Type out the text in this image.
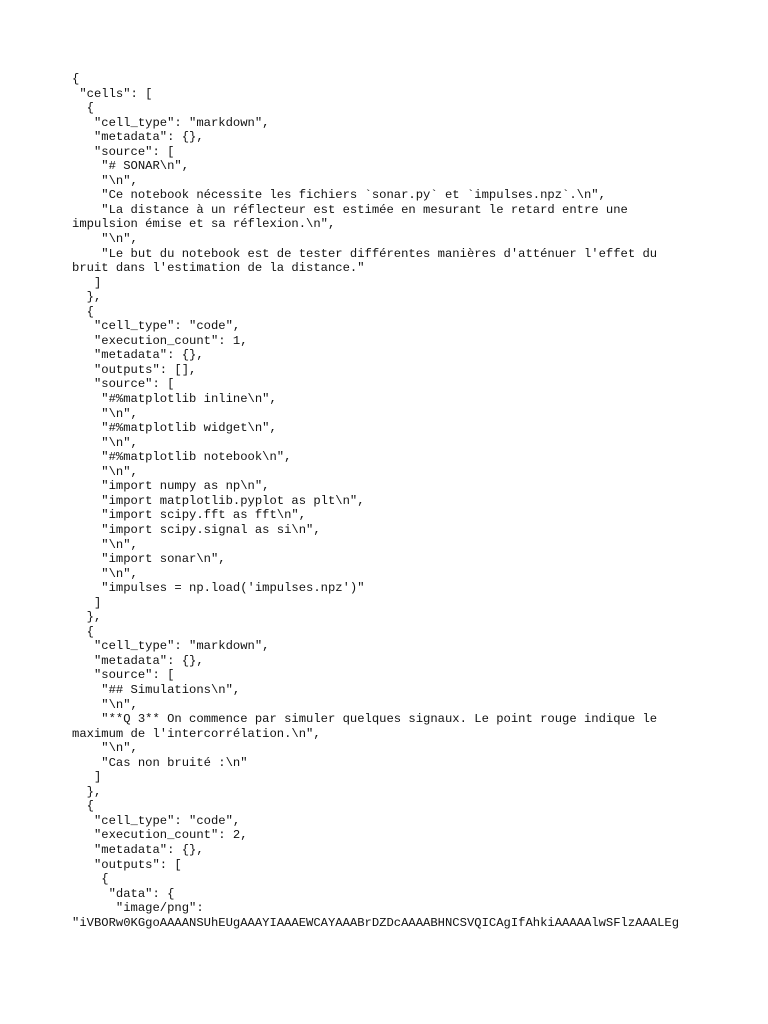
{
"cells": [
{
"cell_type": "markdown",
"metadata": {},
"source": [
"# SONAR\n",
"\n",
"Ce notebook nécessite les fichiers `sonar.py` et `impulses.npz`.\n",
"La distance à un réflecteur est estimée en mesurant le retard entre une
impulsion émise et sa réflexion.\n",
"\n",
"Le but du notebook est de tester différentes manières d'atténuer l'effet du
bruit dans l'estimation de la distance."
]
},
{
"cell_type": "code",
"execution_count": 1,
"metadata": {},
"outputs": [],
"source": [
"#%matplotlib inline\n",
"\n",
"#%matplotlib widget\n",
"\n",
"#%matplotlib notebook\n",
"\n",
"import numpy as np\n",
"import matplotlib.pyplot as plt\n",
"import scipy.fft as fft\n",
"import scipy.signal as si\n",
"\n",
"import sonar\n",
"\n",
"impulses = np.load('impulses.npz')"
]
},
{
"cell_type": "markdown",
"metadata": {},
"source": [
"## Simulations\n",
"\n",
"**Q 3** On commence par simuler quelques signaux. Le point rouge indique le
maximum de l'intercorrélation.\n",
"\n",
"Cas non bruité :\n"
]
},
{
"cell_type": "code",
"execution_count": 2,
"metadata": {},
"outputs": [
{
"data": {
"image/png":
"iVBORw0KGgoAAAANSUhEUgAAAYIAAAEWCAYAAABrDZDcAAAABHNCSVQICAgIfAhkiAAAAAlwSFlzAAALEg
